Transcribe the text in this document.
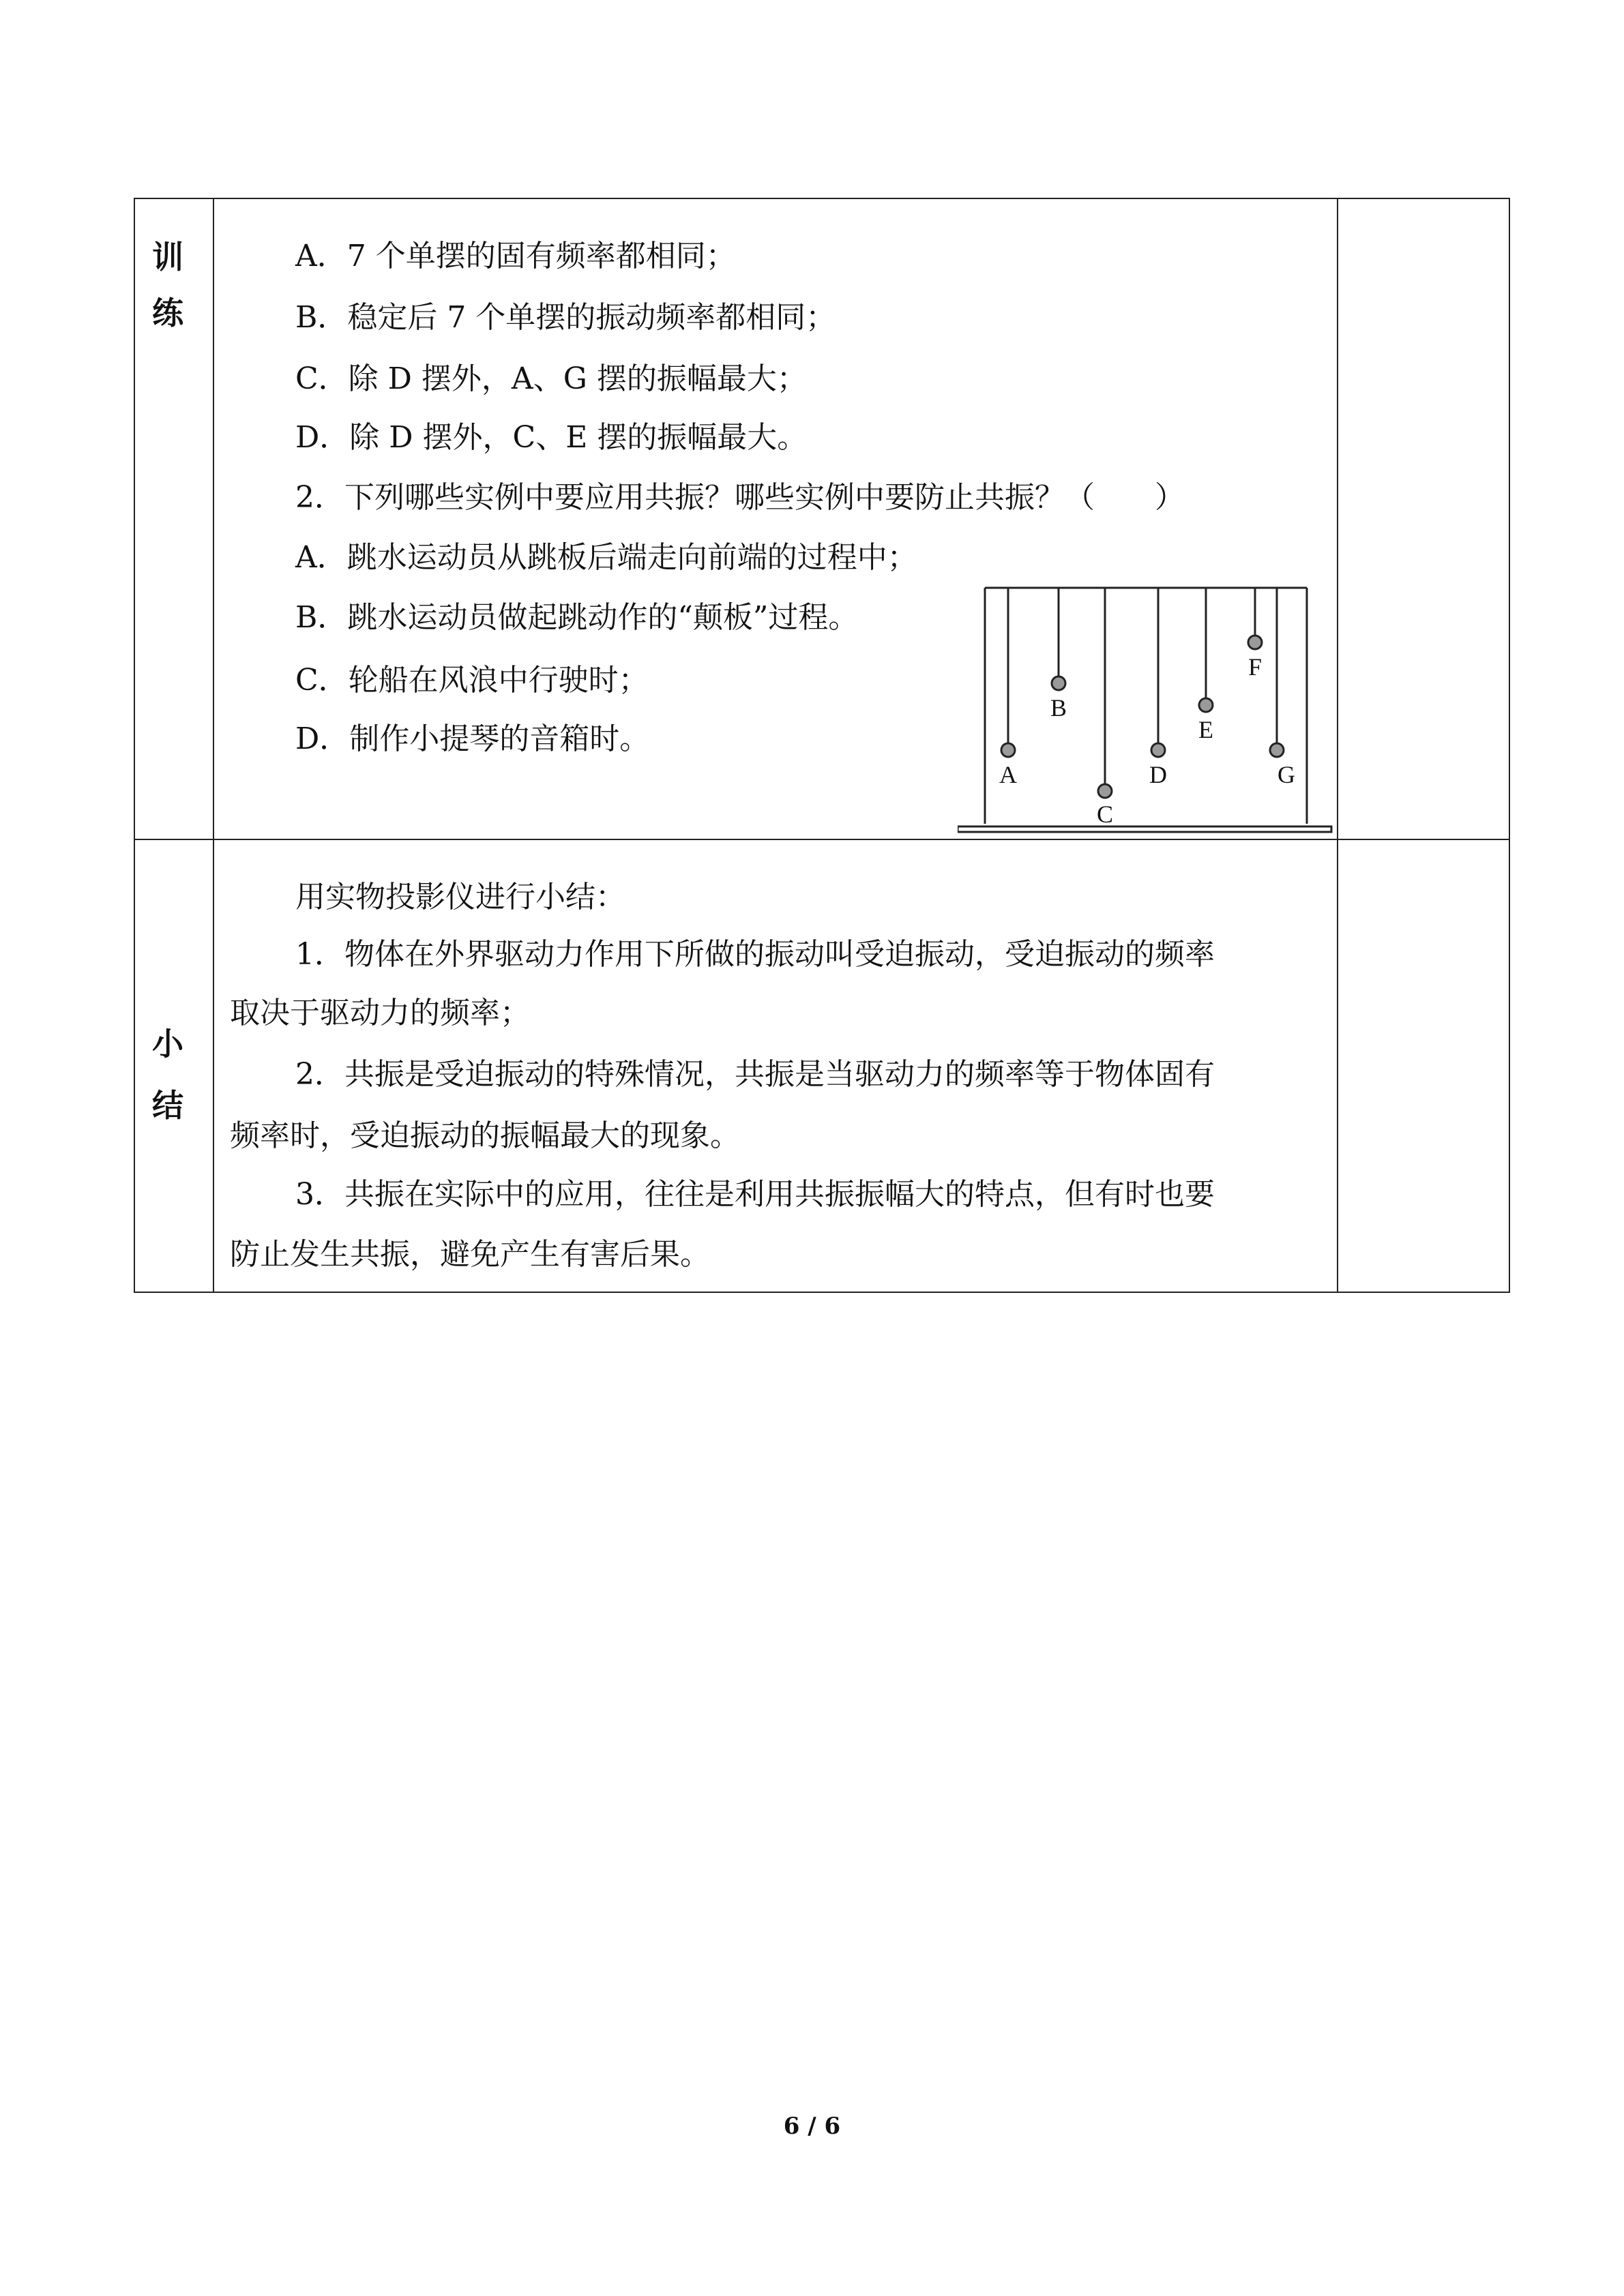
训
练
小
结
A．7 个单摆的固有频率都相同；
B．稳定后 7 个单摆的振动频率都相同；
C．除 D 摆外，A、G 摆的振幅最大；
D．除 D 摆外，C、E 摆的振幅最大。
2．下列哪些实例中要应用共振？哪些实例中要防止共振？（　　）
A．跳水运动员从跳板后端走向前端的过程中；
B．跳水运动员做起跳动作的“颠板”过程。
C．轮船在风浪中行驶时；
D．制作小提琴的音箱时。
A
B
C
D
E
F
G
用实物投影仪进行小结：
1．物体在外界驱动力作用下所做的振动叫受迫振动，受迫振动的频率
取决于驱动力的频率；
2．共振是受迫振动的特殊情况，共振是当驱动力的频率等于物体固有
频率时，受迫振动的振幅最大的现象。
3．共振在实际中的应用，往往是利用共振振幅大的特点，但有时也要
防止发生共振，避免产生有害后果。
6 / 6
